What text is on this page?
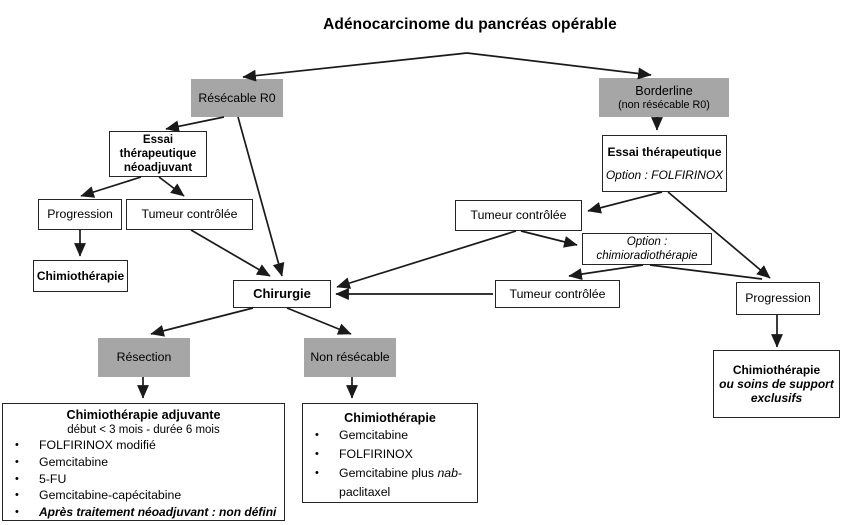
Adénocarcinome du pancréas opérable
Résécable R0	Borderline
(non résécable R0)
Essai thérapeutique néoadjuvant
Progression Tumeur contrôlée
Chimiothérapie
Chirurgie
Essai thérapeutique
Option : FOLFIRINOX
Tumeur contrôlée
Option :
chimioradiothérapie
Tumeur contrôlée	Progression
Chimiothérapie
ou soins de support exclusifs
Résection	Non résécable
Chimiothérapie adjuvante
début < 3 mois - durée 6 mois
•	FOLFIRINOX modifié
•	Gemcitabine
•	5-FU
•	Gemcitabine-capécitabine
•	Après traitement néoadjuvant : non défini
Chimiothérapie
•	Gemcitabine
•	FOLFIRINOX
•	Gemcitabine plus nab-paclitaxel
